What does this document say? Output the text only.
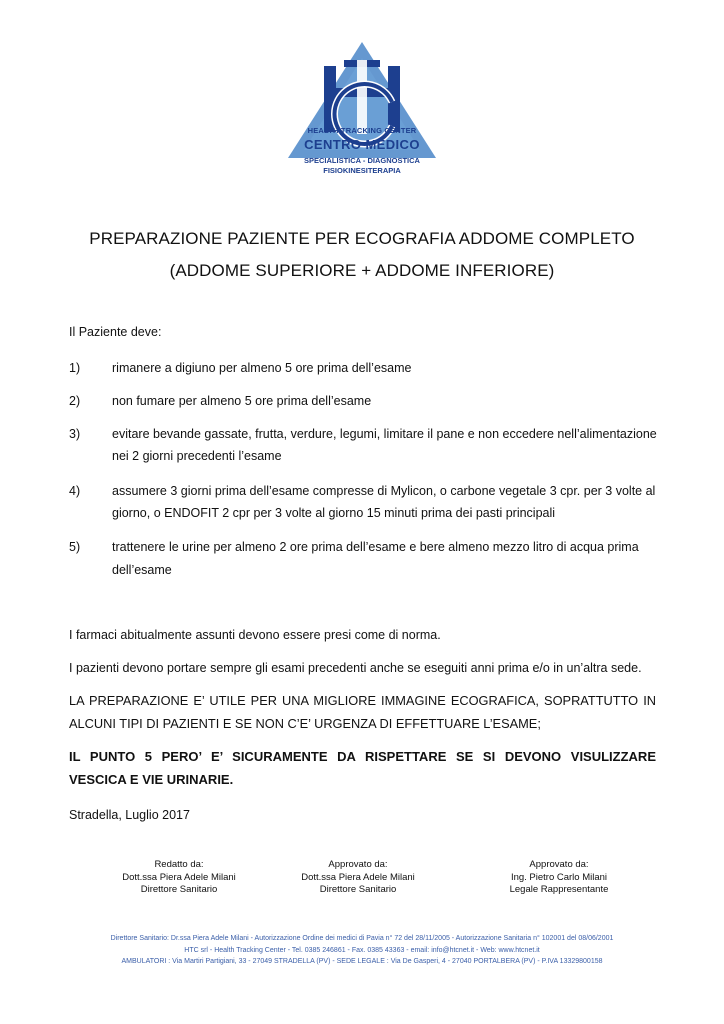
HEALTH TRACKING CENTER
CENTRO MEDICO
SPECIALISTICA - DIAGNOSTICA
FISIOKINESITERAPIA
PREPARAZIONE PAZIENTE PER ECOGRAFIA ADDOME COMPLETO
(ADDOME SUPERIORE + ADDOME INFERIORE)
Il Paziente deve:
1)	rimanere a digiuno per almeno 5 ore prima dell’esame
2)	non fumare per almeno 5 ore prima dell’esame
3)	evitare bevande gassate, frutta, verdure, legumi, limitare il pane e non eccedere nell’alimentazione
nei 2 giorni precedenti l’esame
4)	assumere 3 giorni prima dell’esame compresse di Mylicon, o carbone vegetale 3 cpr. per 3 volte al
giorno, o ENDOFIT 2 cpr per 3 volte al giorno 15 minuti prima dei pasti principali
5)	trattenere le urine per almeno 2 ore prima dell’esame e bere almeno mezzo litro di acqua prima
dell’esame
I farmaci abitualmente assunti devono essere presi come di norma.
I pazienti devono portare sempre gli esami precedenti anche se eseguiti anni prima e/o in un’altra sede.
LA PREPARAZIONE E’ UTILE PER UNA MIGLIORE IMMAGINE ECOGRAFICA, SOPRATTUTTO IN
ALCUNI TIPI DI PAZIENTI E SE NON C’E’ URGENZA DI EFFETTUARE L’ESAME;
IL PUNTO 5 PERO’ E’ SICURAMENTE DA RISPETTARE SE SI DEVONO VISULIZZARE
VESCICA E VIE URINARIE.
Stradella, Luglio 2017
Redatto da:
Dott.ssa Piera Adele Milani
Direttore Sanitario
Approvato da:
Dott.ssa Piera Adele Milani
Direttore Sanitario
Approvato da:
Ing. Pietro Carlo Milani
Legale Rappresentante
Direttore Sanitario: Dr.ssa Piera Adele Milani - Autorizzazione Ordine dei medici di Pavia n° 72 del 28/11/2005 - Autorizzazione Sanitaria n° 102001 del 08/06/2001
HTC srl - Health Tracking Center - Tel. 0385 246861 - Fax. 0385 43363 - email: info@htcnet.it - Web: www.htcnet.it
AMBULATORI : Via Martiri Partigiani, 33 - 27049 STRADELLA (PV) - SEDE LEGALE : Via De Gasperi, 4 - 27040 PORTALBERA (PV) - P.IVA 13329800158
